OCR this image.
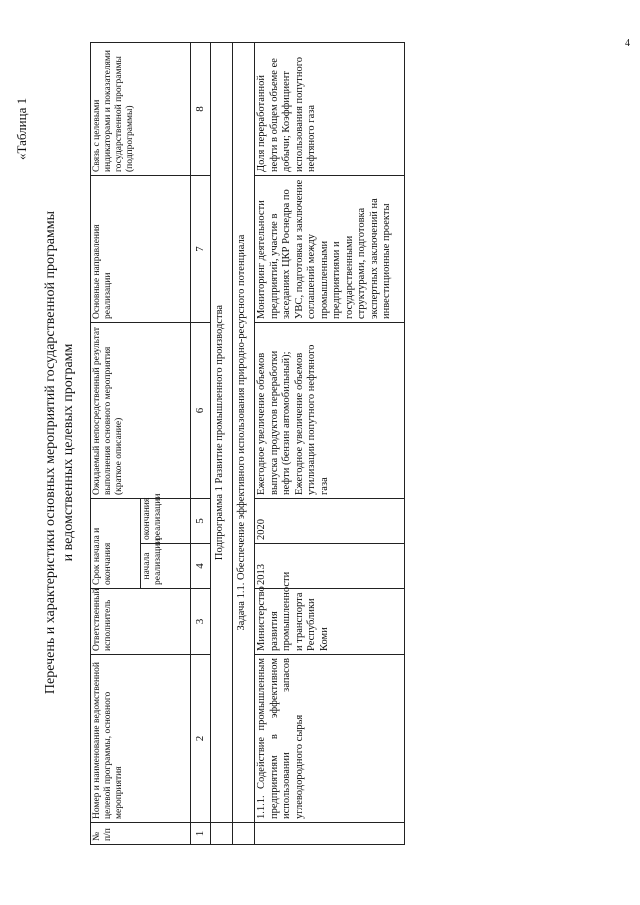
«Таблица 1
Перечень и характеристики основных мероприятий государственной программы и ведомственных целевых программ
№ п/п	Номер и наименование ведомственной целевой программы, основного мероприятия	Ответственный исполнитель	Срок начала и окончания		Ожидаемый непосредственный результат выполнения основного мероприятия (краткое описание)	Основные направления реализации	Связь с целевыми индикаторами и показателями государственной программы (подпрограммы)
			начала реализации	окончания реализации			
1	2	3	4	5	6	7	8
	Подпрограмма 1 Развитие промышленного производства						
	Задача 1.1. Обеспечение эффективного использования природно-ресурсного потенциала						
	1.1.1. Содействие промышленным предприятиям в эффективном использовании запасов углеводородного сырья	Министерство развития промышленности и транспорта Республики Коми	2013	2020	Ежегодное увеличение объемов выпуска продуктов переработки нефти (бензин автомобильный); Ежегодное увеличение объемов утилизации попутного нефтяного газа	Мониторинг деятельности предприятий, участие в заседаниях ЦКР Роснедра по УВС, подготовка и заключение соглашений между промышленными предприятиями и государственными структурами, подготовка экспертных заключений на инвестиционные проекты	Доля переработанной нефти в общем объеме ее добычи; Коэффициент использования попутного нефтяного газа
4
